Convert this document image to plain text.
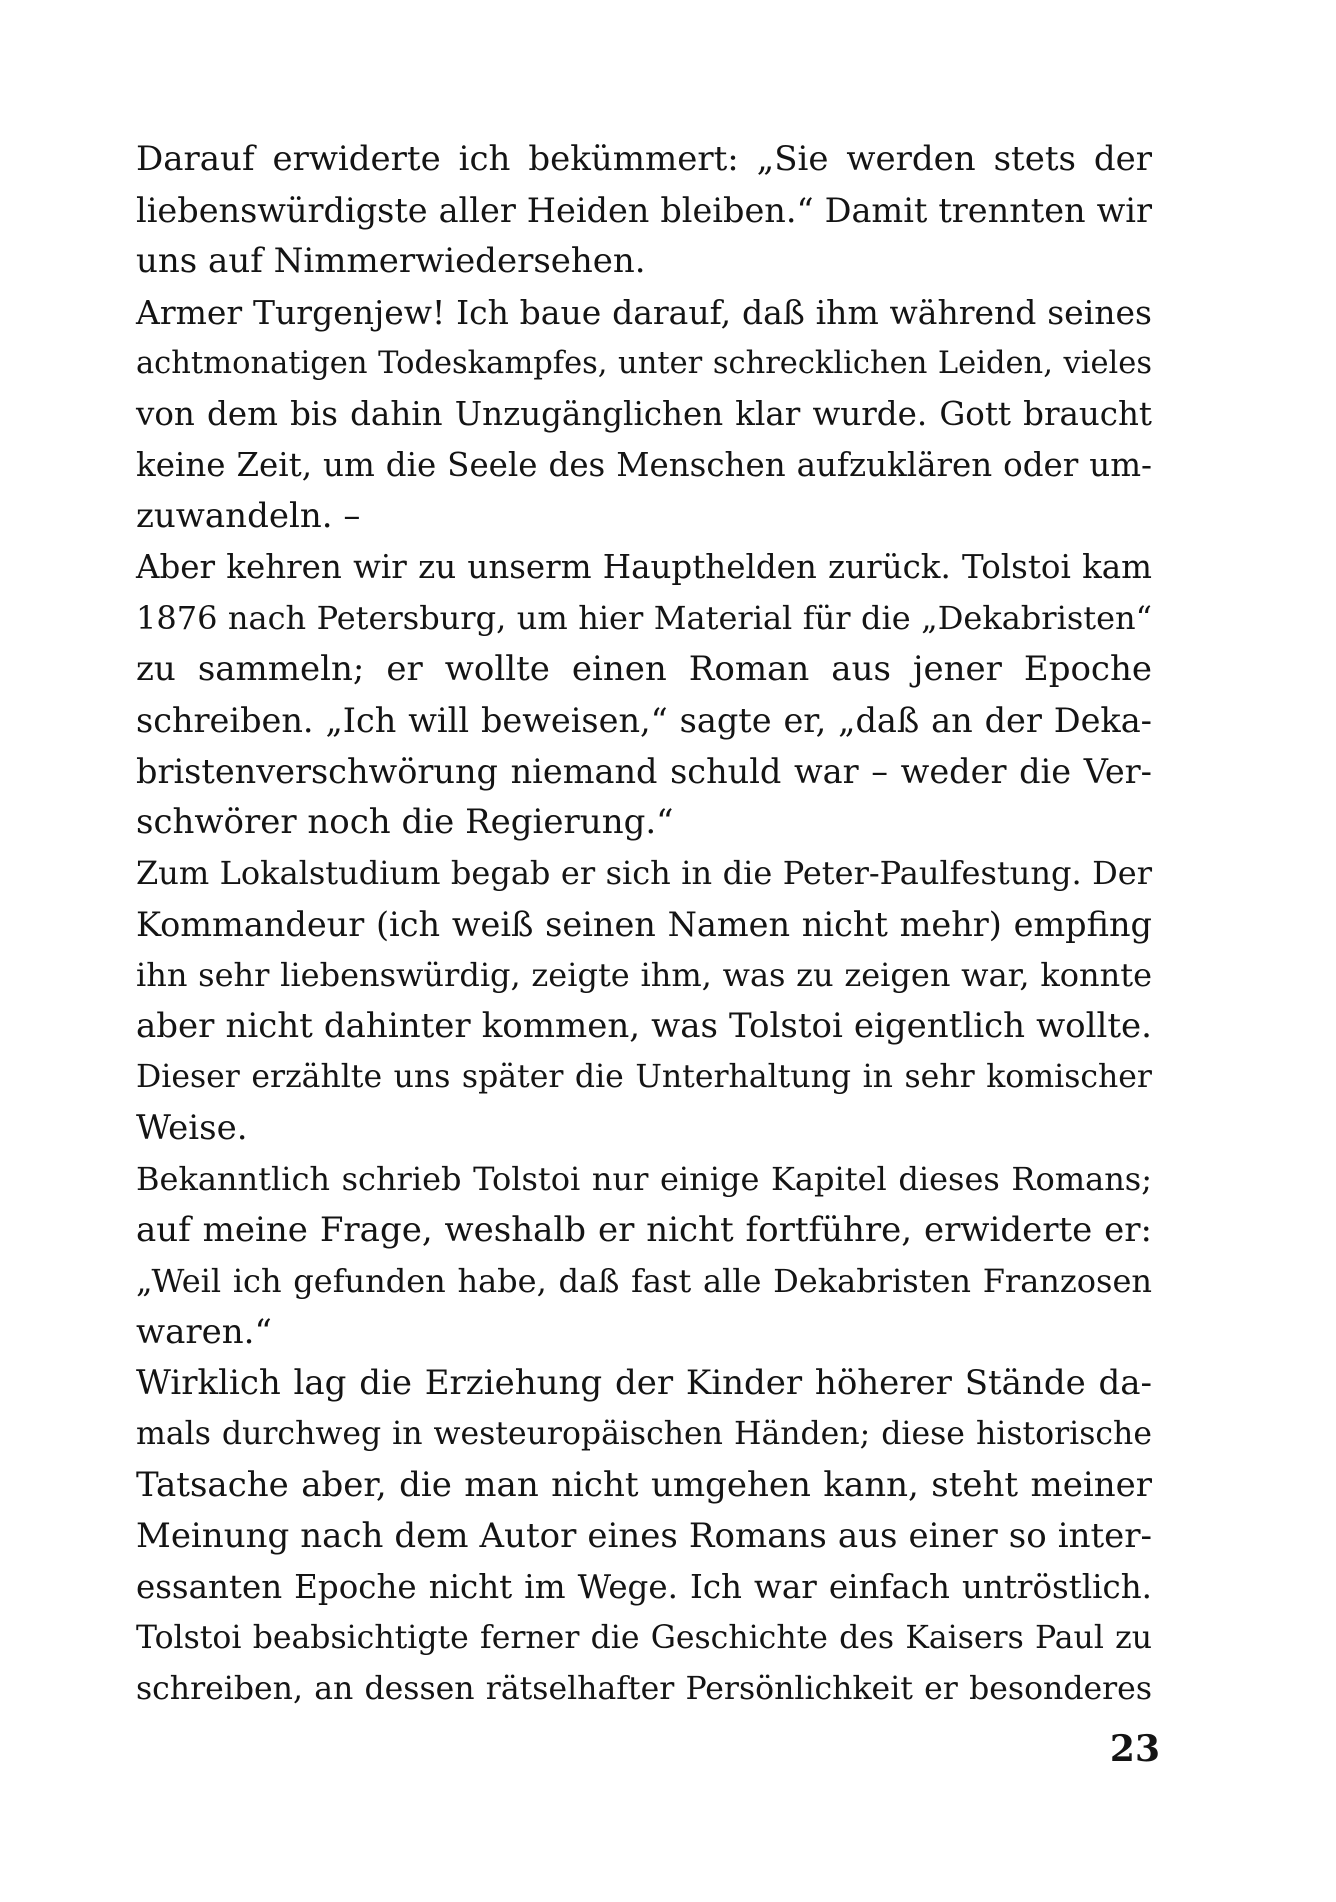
Darauf erwiderte ich bekümmert: „Sie werden stets der
liebenswürdigste aller Heiden bleiben.“ Damit trennten wir
uns auf Nimmerwiedersehen.
Armer Turgenjew! Ich baue darauf, daß ihm während seines
achtmonatigen Todeskampfes, unter schrecklichen Leiden, vieles
von dem bis dahin Unzugänglichen klar wurde. Gott braucht
keine Zeit, um die Seele des Menschen aufzuklären oder um-
zuwandeln. –
Aber kehren wir zu unserm Haupthelden zurück. Tolstoi kam
1876 nach Petersburg, um hier Material für die „Dekabristen“
zu sammeln; er wollte einen Roman aus jener Epoche
schreiben. „Ich will beweisen,“ sagte er, „daß an der Deka-
bristenverschwörung niemand schuld war – weder die Ver-
schwörer noch die Regierung.“
Zum Lokalstudium begab er sich in die Peter-Paulfestung. Der
Kommandeur (ich weiß seinen Namen nicht mehr) empfing
ihn sehr liebenswürdig, zeigte ihm, was zu zeigen war, konnte
aber nicht dahinter kommen, was Tolstoi eigentlich wollte.
Dieser erzählte uns später die Unterhaltung in sehr komischer
Weise.
Bekanntlich schrieb Tolstoi nur einige Kapitel dieses Romans;
auf meine Frage, weshalb er nicht fortführe, erwiderte er:
„Weil ich gefunden habe, daß fast alle Dekabristen Franzosen
waren.“
Wirklich lag die Erziehung der Kinder höherer Stände da-
mals durchweg in westeuropäischen Händen; diese historische
Tatsache aber, die man nicht umgehen kann, steht meiner
Meinung nach dem Autor eines Romans aus einer so inter-
essanten Epoche nicht im Wege. Ich war einfach untröstlich.
Tolstoi beabsichtigte ferner die Geschichte des Kaisers Paul zu
schreiben, an dessen rätselhafter Persönlichkeit er besonderes
23
